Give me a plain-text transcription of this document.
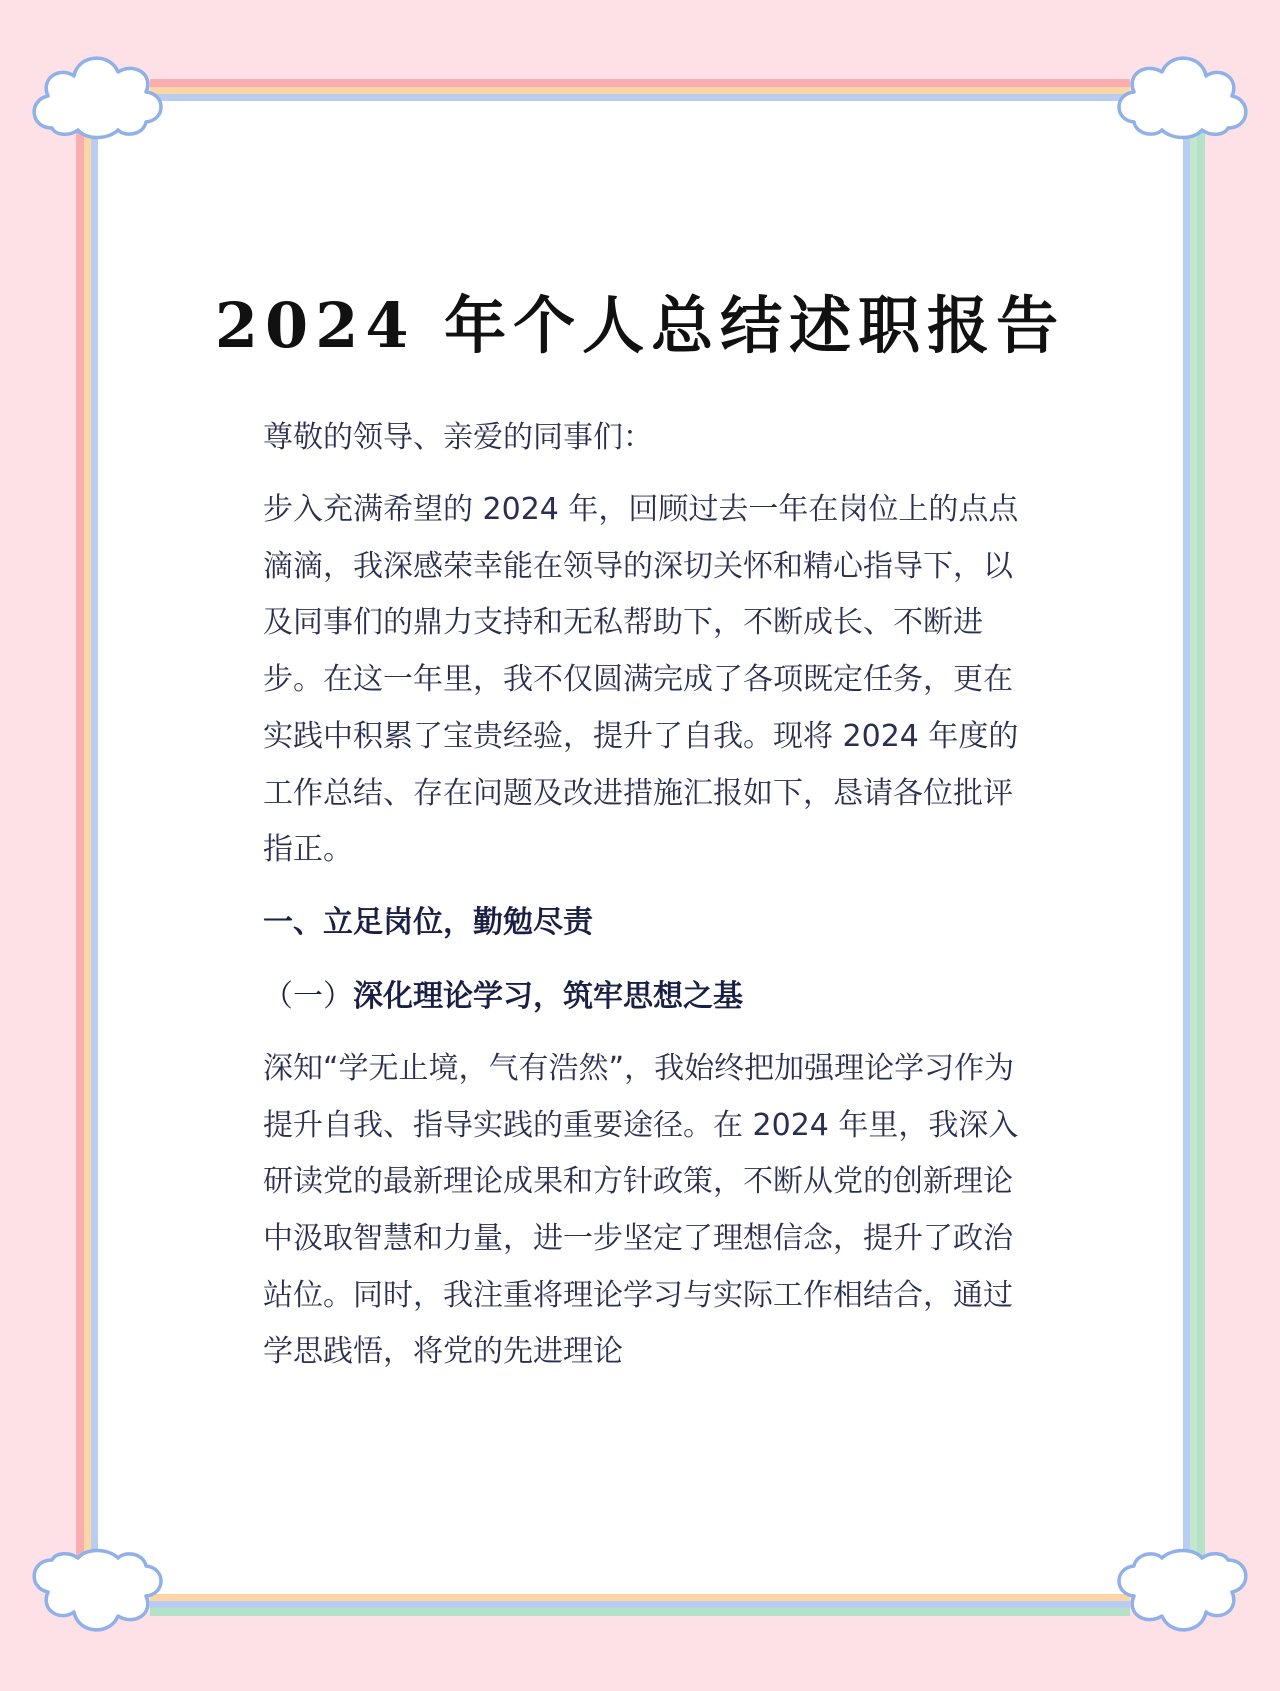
2024 年个人总结述职报告

尊敬的领导、亲爱的同事们：

步入充满希望的 2024 年，回顾过去一年在岗位上的点点滴滴，我深感荣幸能在领导的深切关怀和精心指导下，以及同事们的鼎力支持和无私帮助下，不断成长、不断进步。在这一年里，我不仅圆满完成了各项既定任务，更在实践中积累了宝贵经验，提升了自我。现将 2024 年度的工作总结、存在问题及改进措施汇报如下，恳请各位批评指正。

一、立足岗位，勤勉尽责

（一）深化理论学习，筑牢思想之基

深知“学无止境，气有浩然”，我始终把加强理论学习作为提升自我、指导实践的重要途径。在 2024 年里，我深入研读党的最新理论成果和方针政策，不断从党的创新理论中汲取智慧和力量，进一步坚定了理想信念，提升了政治站位。同时，我注重将理论学习与实际工作相结合，通过学思践悟，将党的先进理论
